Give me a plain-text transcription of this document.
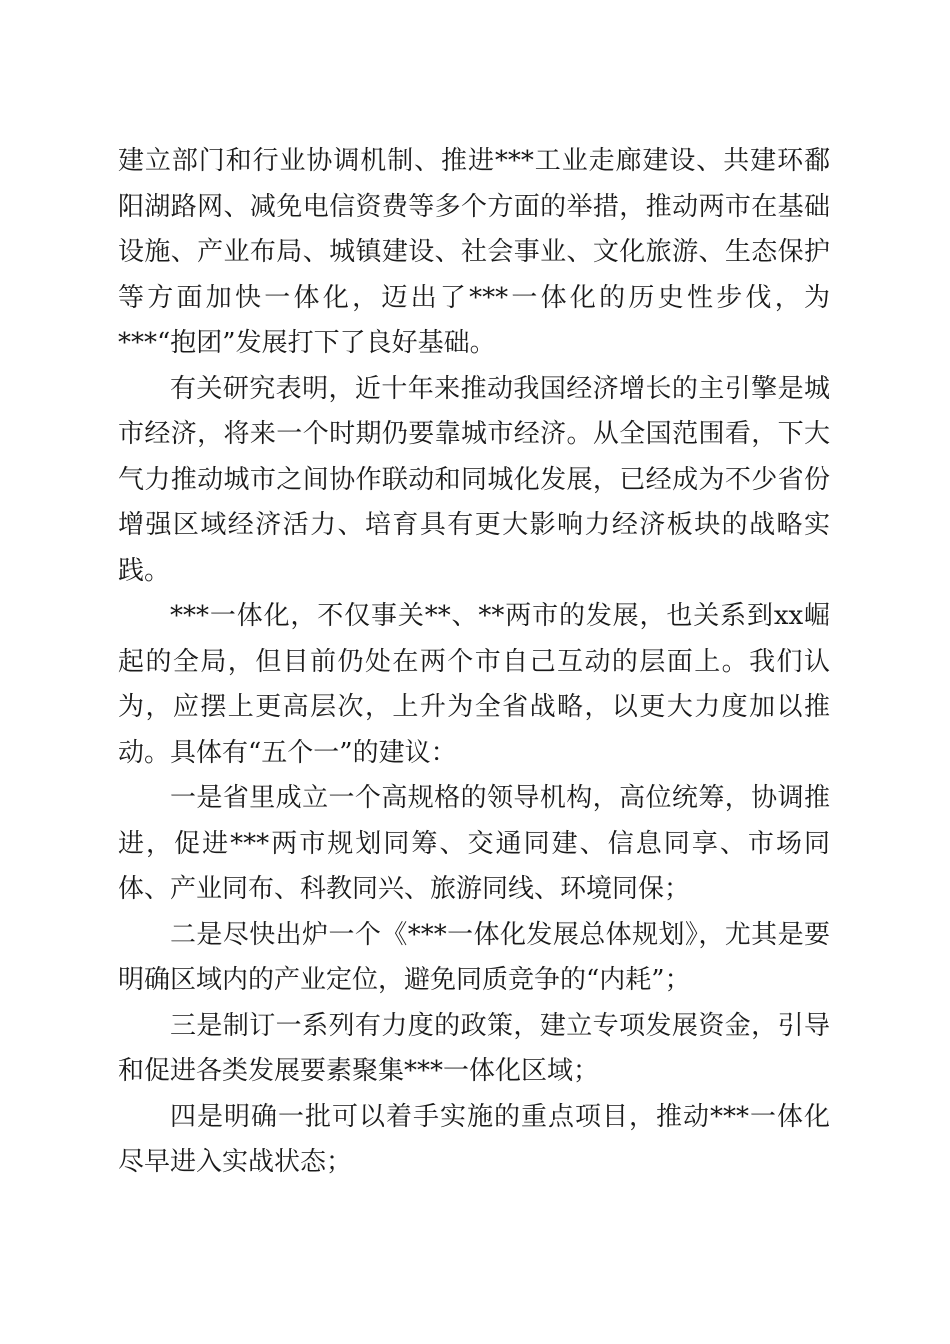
建立部门和行业协调机制、推进***工业走廊建设、共建环鄱阳湖路网、减免电信资费等多个方面的举措，推动两市在基础设施、产业布局、城镇建设、社会事业、文化旅游、生态保护等方面加快一体化，迈出了***一体化的历史性步伐，为***“抱团”发展打下了良好基础。

有关研究表明，近十年来推动我国经济增长的主引擎是城市经济，将来一个时期仍要靠城市经济。从全国范围看，下大气力推动城市之间协作联动和同城化发展，已经成为不少省份增强区域经济活力、培育具有更大影响力经济板块的战略实践。

***一体化，不仅事关**、**两市的发展，也关系到xx崛起的全局，但目前仍处在两个市自己互动的层面上。我们认为，应摆上更高层次，上升为全省战略，以更大力度加以推动。具体有“五个一”的建议：

一是省里成立一个高规格的领导机构，高位统筹，协调推进，促进***两市规划同筹、交通同建、信息同享、市场同体、产业同布、科教同兴、旅游同线、环境同保；

二是尽快出炉一个《***一体化发展总体规划》，尤其是要明确区域内的产业定位，避免同质竞争的“内耗”；

三是制订一系列有力度的政策，建立专项发展资金，引导和促进各类发展要素聚集***一体化区域；

四是明确一批可以着手实施的重点项目，推动***一体化尽早进入实战状态；
